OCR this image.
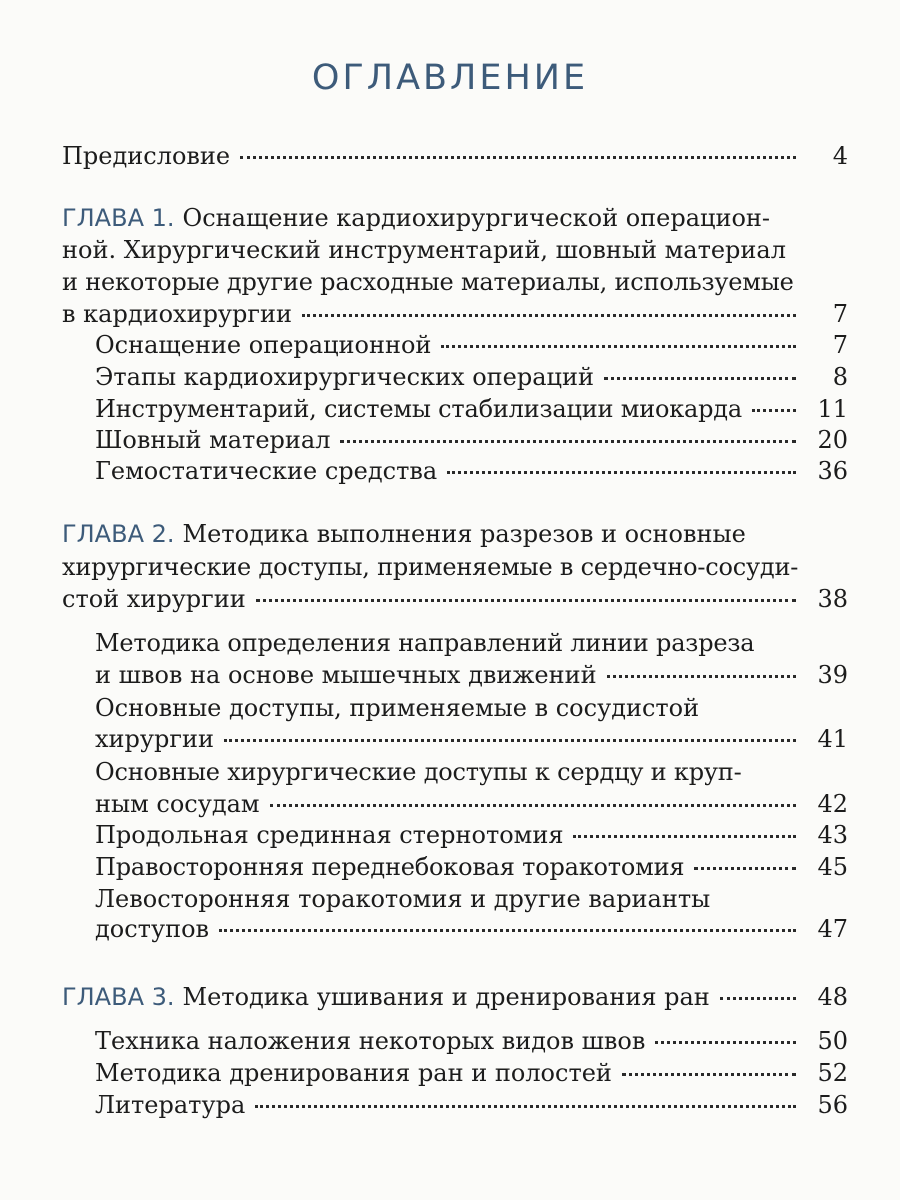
ОГЛАВЛЕНИЕ
Предисловие	4
ГЛАВА 1. Оснащение кардиохирургической операцион-
ной. Хирургический инструментарий, шовный материал
и некоторые другие расходные материалы, используемые
в кардиохирургии	7
Оснащение операционной	7
Этапы кардиохирургических операций	8
Инструментарий, системы стабилизации миокарда	11
Шовный материал	20
Гемостатические средства	36
ГЛАВА 2. Методика выполнения разрезов и основные
хирургические доступы, применяемые в сердечно-сосуди-
стой хирургии	38
Методика определения направлений линии разреза
и швов на основе мышечных движений	39
Основные доступы, применяемые в сосудистой
хирургии	41
Основные хирургические доступы к сердцу и круп-
ным сосудам	42
Продольная срединная стернотомия	43
Правосторонняя переднебоковая торакотомия	45
Левосторонняя торакотомия и другие варианты
доступов	47
ГЛАВА 3. Методика ушивания и дренирования ран	48
Техника наложения некоторых видов швов	50
Методика дренирования ран и полостей	52
Литература	56
